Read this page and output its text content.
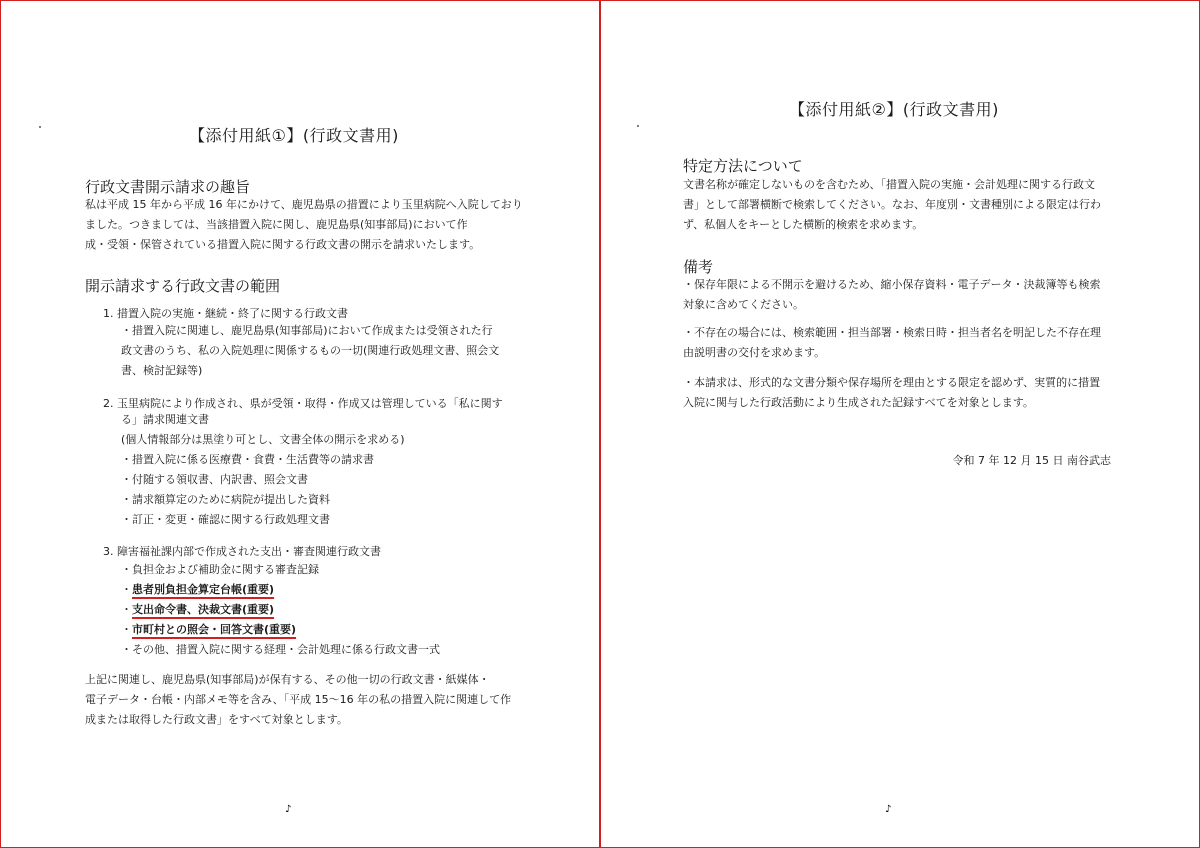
【添付用紙①】(行政文書用)
行政文書開示請求の趣旨
私は平成 15 年から平成 16 年にかけて、鹿児島県の措置により玉里病院へ入院しており
ました。つきましては、当該措置入院に関し、鹿児島県(知事部局)において作
成・受領・保管されている措置入院に関する行政文書の開示を請求いたします。
開示請求する行政文書の範囲
1. 措置入院の実施・継続・終了に関する行政文書
・措置入院に関連し、鹿児島県(知事部局)において作成または受領された行
政文書のうち、私の入院処理に関係するもの一切(関連行政処理文書、照会文
書、検討記録等)
2. 玉里病院により作成され、県が受領・取得・作成又は管理している「私に関す
る」請求関連文書
(個人情報部分は黒塗り可とし、文書全体の開示を求める)
・措置入院に係る医療費・食費・生活費等の請求書
・付随する領収書、内訳書、照会文書
・請求額算定のために病院が提出した資料
・訂正・変更・確認に関する行政処理文書
3. 障害福祉課内部で作成された支出・審査関連行政文書
・負担金および補助金に関する審査記録
・患者別負担金算定台帳(重要)
・支出命令書、決裁文書(重要)
・市町村との照会・回答文書(重要)
・その他、措置入院に関する経理・会計処理に係る行政文書一式
上記に関連し、鹿児島県(知事部局)が保有する、その他一切の行政文書・紙媒体・
電子データ・台帳・内部メモ等を含み、「平成 15〜16 年の私の措置入院に関連して作
成または取得した行政文書」をすべて対象とします。
♪
【添付用紙②】(行政文書用)
特定方法について
文書名称が確定しないものを含むため、「措置入院の実施・会計処理に関する行政文
書」として部署横断で検索してください。なお、年度別・文書種別による限定は行わ
ず、私個人をキーとした横断的検索を求めます。
備考
・保存年限による不開示を避けるため、縮小保存資料・電子データ・決裁簿等も検索
対象に含めてください。
・不存在の場合には、検索範囲・担当部署・検索日時・担当者名を明記した不存在理
由説明書の交付を求めます。
・本請求は、形式的な文書分類や保存場所を理由とする限定を認めず、実質的に措置
入院に関与した行政活動により生成された記録すべてを対象とします。
令和 7 年 12 月 15 日 南谷武志
♪
